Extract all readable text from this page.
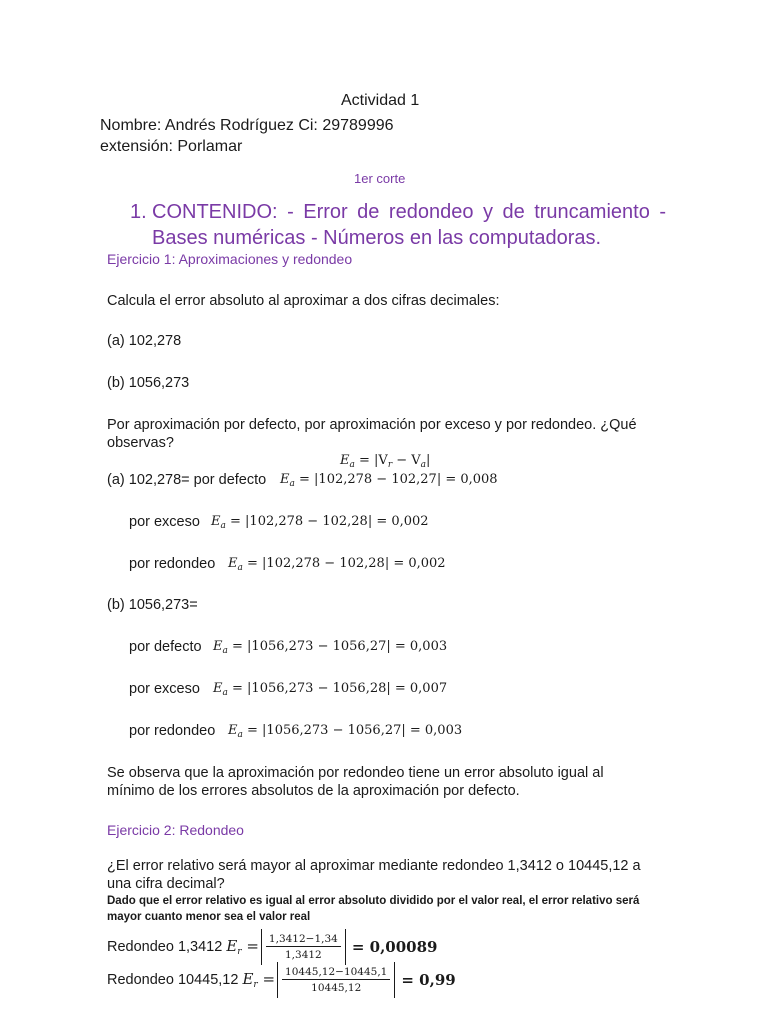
Actividad 1
Nombre: Andrés Rodríguez Ci: 29789996
extensión: Porlamar
1er corte
1. CONTENIDO: - Error de redondeo y de truncamiento -
Bases numéricas - Números en las computadoras.
Ejercicio 1: Aproximaciones y redondeo
Calcula el error absoluto al aproximar a dos cifras decimales:
(a) 102,278
(b) 1056,273
Por aproximación por defecto, por aproximación por exceso y por redondeo. ¿Qué
observas?
$E_a = |V_r - V_a|$
(a) 102,278= por defecto $E_a = |102,278 - 102,27| = 0,008$
por exceso $E_a = |102,278 - 102,28| = 0,002$
por redondeo $E_a = |102,278 - 102,28| = 0,002$
(b) 1056,273=
por defecto $E_a = |1056,273 - 1056,27| = 0,003$
por exceso $E_a = |1056,273 - 1056,28| = 0,007$
por redondeo $E_a = |1056,273 - 1056,27| = 0,003$
Se observa que la aproximación por redondeo tiene un error absoluto igual al
mínimo de los errores absolutos de la aproximación por defecto.
Ejercicio 2: Redondeo
¿El error relativo será mayor al aproximar mediante redondeo 1,3412 o 10445,12 a
una cifra decimal?
Dado que el error relativo es igual al error absoluto dividido por el valor real, el error relativo será
mayor cuanto menor sea el valor real
Redondeo 1,3412 $E_r = \frac{1,3412-1,34}{1,3412} = 0,00089$
Redondeo 10445,12 $E_r = \frac{10445,12-10445,1}{10445,12} = 0,99$
